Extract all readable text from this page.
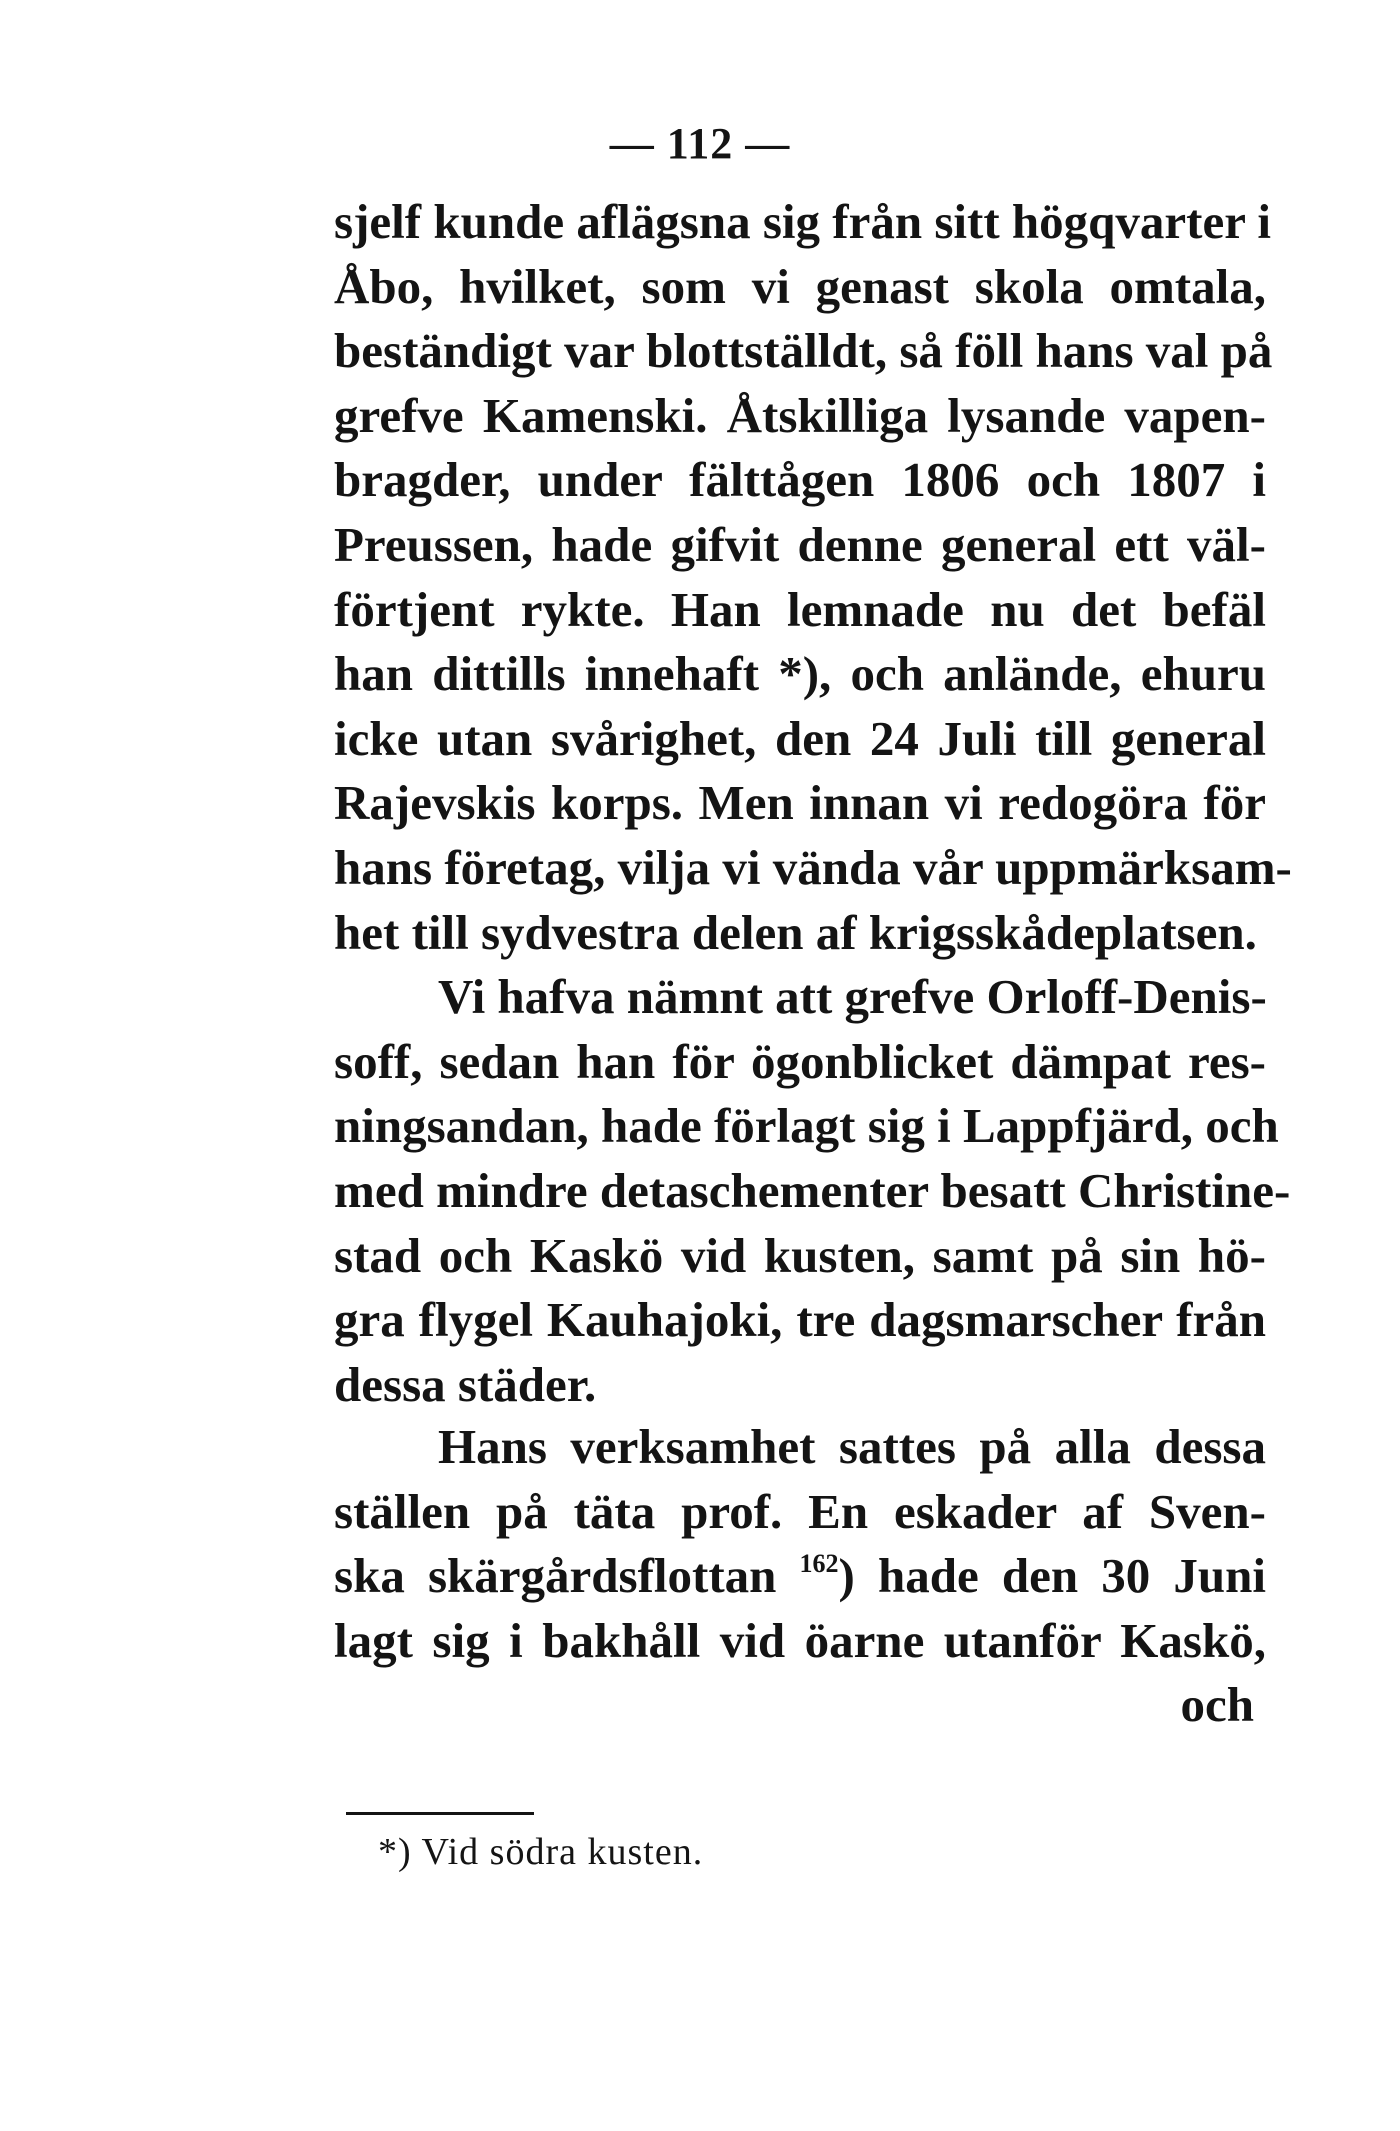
— 112 —
sjelf kunde aflägsna sig från sitt högqvarter i
Åbo, hvilket, som vi genast skola omtala,
beständigt var blottställdt, så föll hans val på
grefve Kamenski. Åtskilliga lysande vapen-
bragder, under fälttågen 1806 och 1807 i
Preussen, hade gifvit denne general ett väl-
förtjent rykte. Han lemnade nu det befäl
han dittills innehaft *), och anlände, ehuru
icke utan svårighet, den 24 Juli till general
Rajevskis korps. Men innan vi redogöra för
hans företag, vilja vi vända vår uppmärksam-
het till sydvestra delen af krigsskådeplatsen.
Vi hafva nämnt att grefve Orloff-Denis-
soff, sedan han för ögonblicket dämpat res-
ningsandan, hade förlagt sig i Lappfjärd, och
med mindre detaschementer besatt Christine-
stad och Kaskö vid kusten, samt på sin hö-
gra flygel Kauhajoki, tre dagsmarscher från
dessa städer.
Hans verksamhet sattes på alla dessa
ställen på täta prof. En eskader af Sven-
ska skärgårdsflottan $^{162}$) hade den 30 Juni
lagt sig i bakhåll vid öarne utanför Kaskö,
och
*) Vid södra kusten.
